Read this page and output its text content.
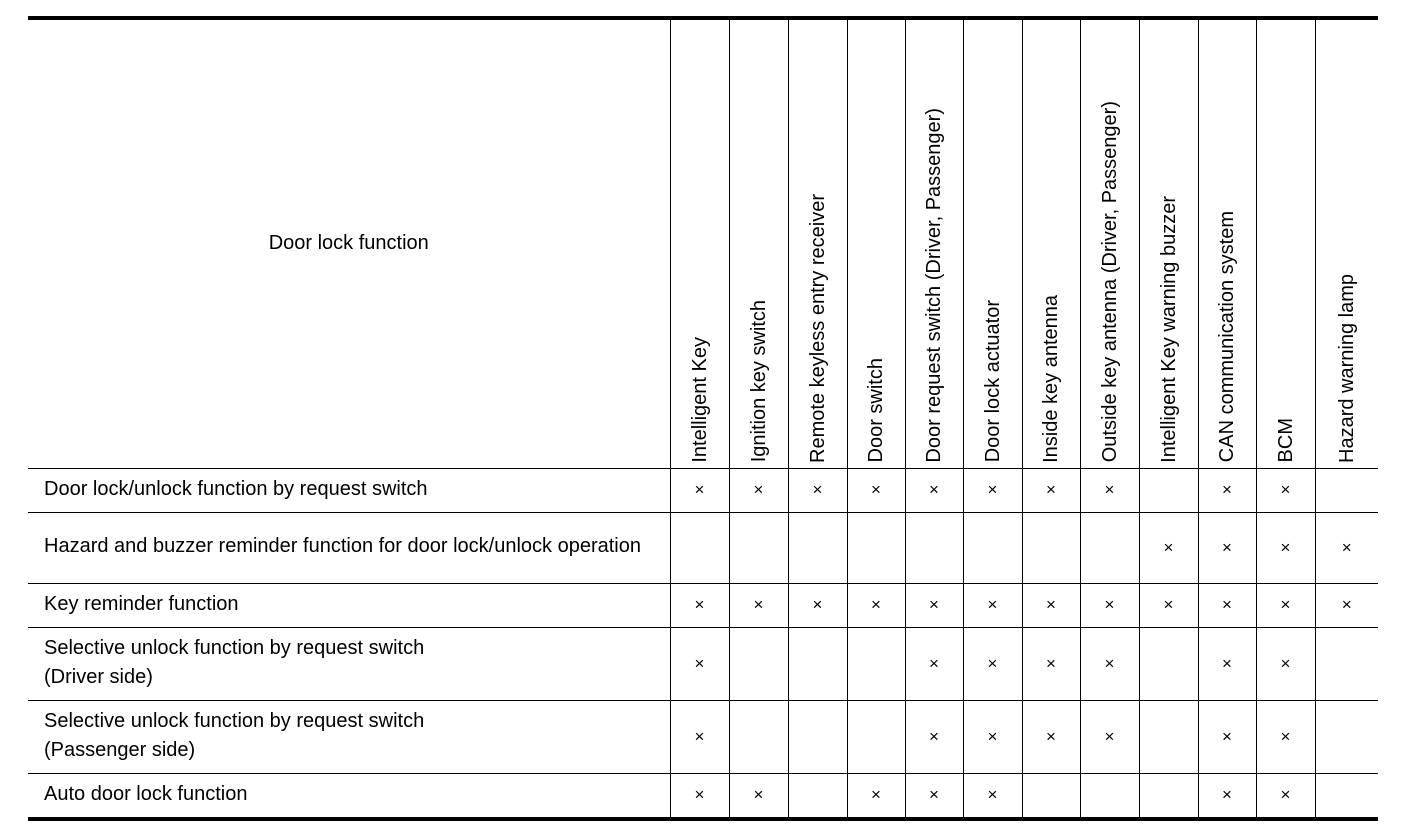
Door lock function	Intelligent Key	Ignition key switch	Remote keyless entry receiver	Door switch	Door request switch (Driver, Passenger)	Door lock actuator	Inside key antenna	Outside key antenna (Driver, Passenger)	Intelligent Key warning buzzer	CAN communication system	BCM	Hazard warning lamp
Door lock/unlock function by request switch	×	×	×	×	×	×	×	×		×	×	
Hazard and buzzer reminder function for door lock/unlock operation									×	×	×	×
Key reminder function	×	×	×	×	×	×	×	×	×	×	×	×
Selective unlock function by request switch
(Driver side)	×				×	×	×	×		×	×	
Selective unlock function by request switch
(Passenger side)	×				×	×	×	×		×	×	
Auto door lock function	×	×		×	×	×				×	×	
